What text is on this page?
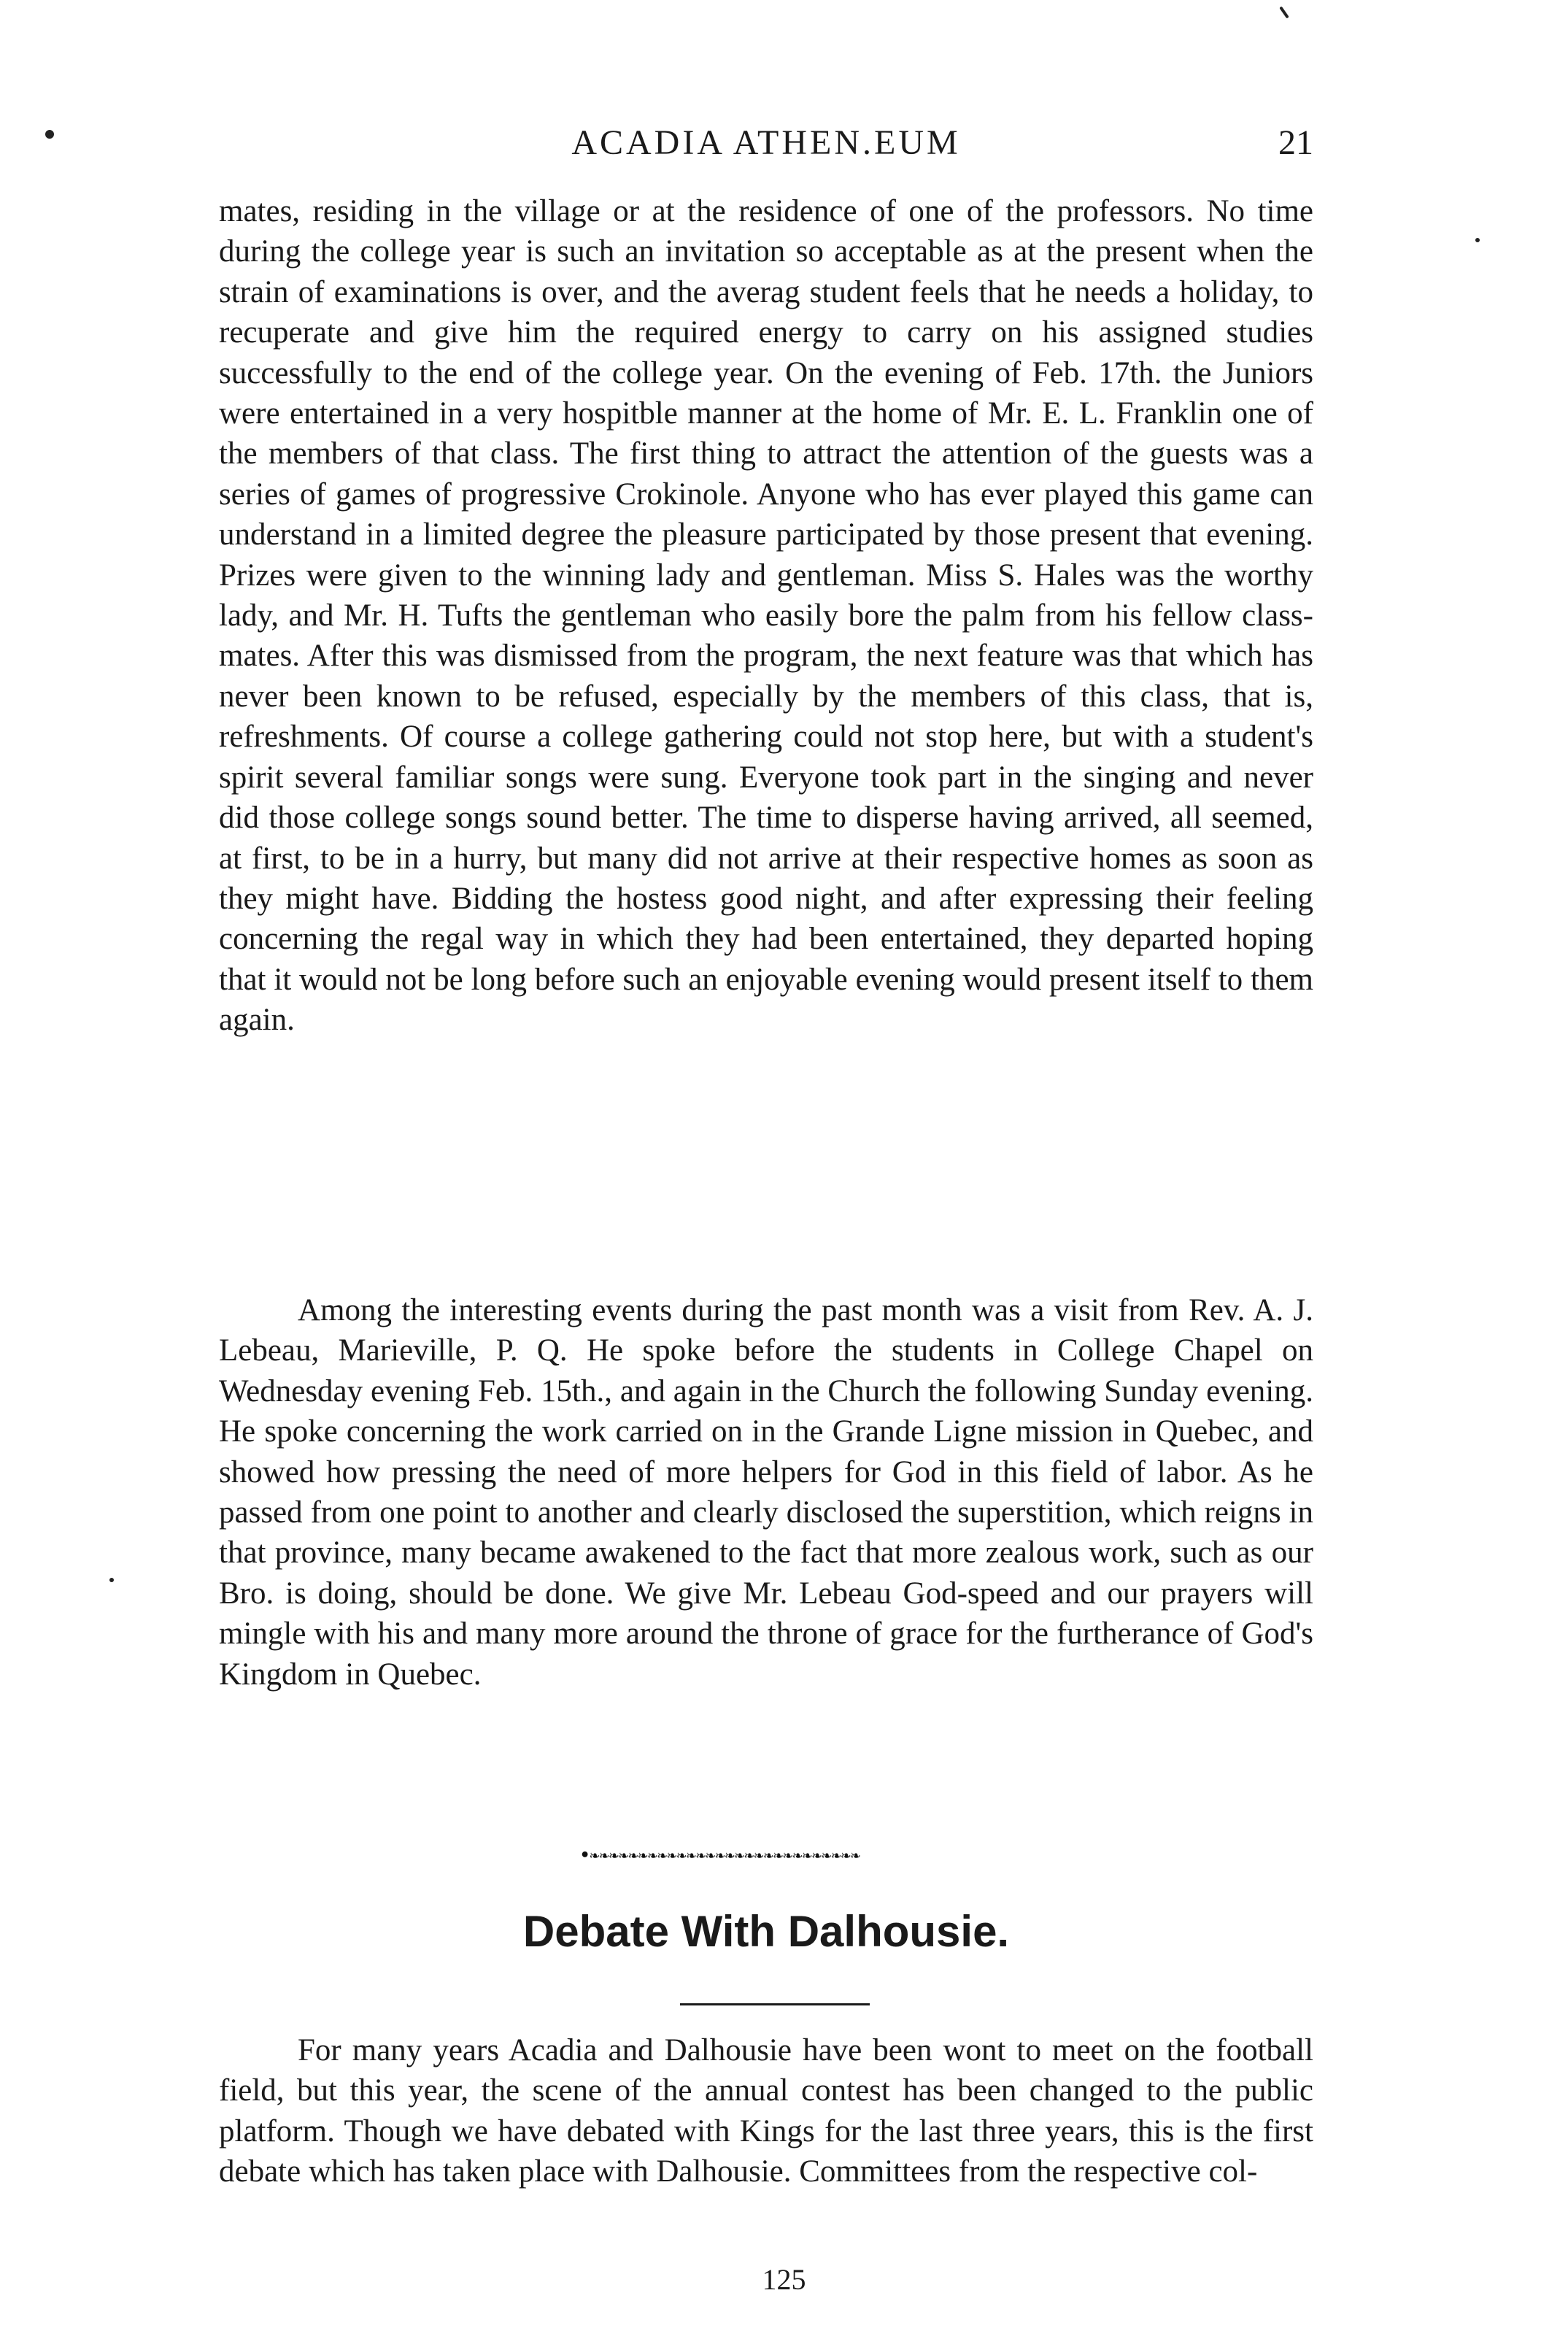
ACADIA ATHEN.EUM	21

mates, residing in the village or at the residence of one of the professors. No time during the college year is such an invitation so acceptable as at the present when the strain of examinations is over, and the averag student feels that he needs a holiday, to recuperate and give him the required energy to carry on his assigned studies successfully to the end of the college year. On the evening of Feb. 17th. the Juniors were entertained in a very hospitble manner at the home of Mr. E. L. Franklin one of the members of that class. The first thing to attract the attention of the guests was a series of games of progressive Crokinole. Anyone who has ever played this game can understand in a limited degree the pleasure participated by those present that evening. Prizes were given to the winning lady and gentleman. Miss S. Hales was the worthy lady, and Mr. H. Tufts the gentleman who easily bore the palm from his fellow class-mates. After this was dismissed from the program, the next feature was that which has never been known to be refused, especially by the members of this class, that is, refreshments. Of course a college gathering could not stop here, but with a student's spirit several familiar songs were sung. Everyone took part in the singing and never did those college songs sound better. The time to disperse having arrived, all seemed, at first, to be in a hurry, but many did not arrive at their respective homes as soon as they might have. Bidding the hostess good night, and after expressing their feeling concerning the regal way in which they had been entertained, they departed hoping that it would not be long before such an enjoyable evening would present itself to them again.

Among the interesting events during the past month was a visit from Rev. A. J. Lebeau, Marieville, P. Q. He spoke before the students in College Chapel on Wednesday evening Feb. 15th., and again in the Church the following Sunday evening. He spoke concerning the work carried on in the Grande Ligne mission in Quebec, and showed how pressing the need of more helpers for God in this field of labor. As he passed from one point to another and clearly disclosed the superstition, which reigns in that province, many became awakened to the fact that more zealous work, such as our Bro. is doing, should be done. We give Mr. Lebeau God-speed and our prayers will mingle with his and many more around the throne of grace for the furtherance of God's Kingdom in Quebec.

•❧❧❧❧❧❧❧❧❧❧❧❧❧❧❧❧❧❧❧❧❧❧❧❧❧❧❧❧
Debate With Dalhousie.

For many years Acadia and Dalhousie have been wont to meet on the football field, but this year, the scene of the annual contest has been changed to the public platform. Though we have debated with Kings for the last three years, this is the first debate which has taken place with Dalhousie. Committees from the respective col-

125
